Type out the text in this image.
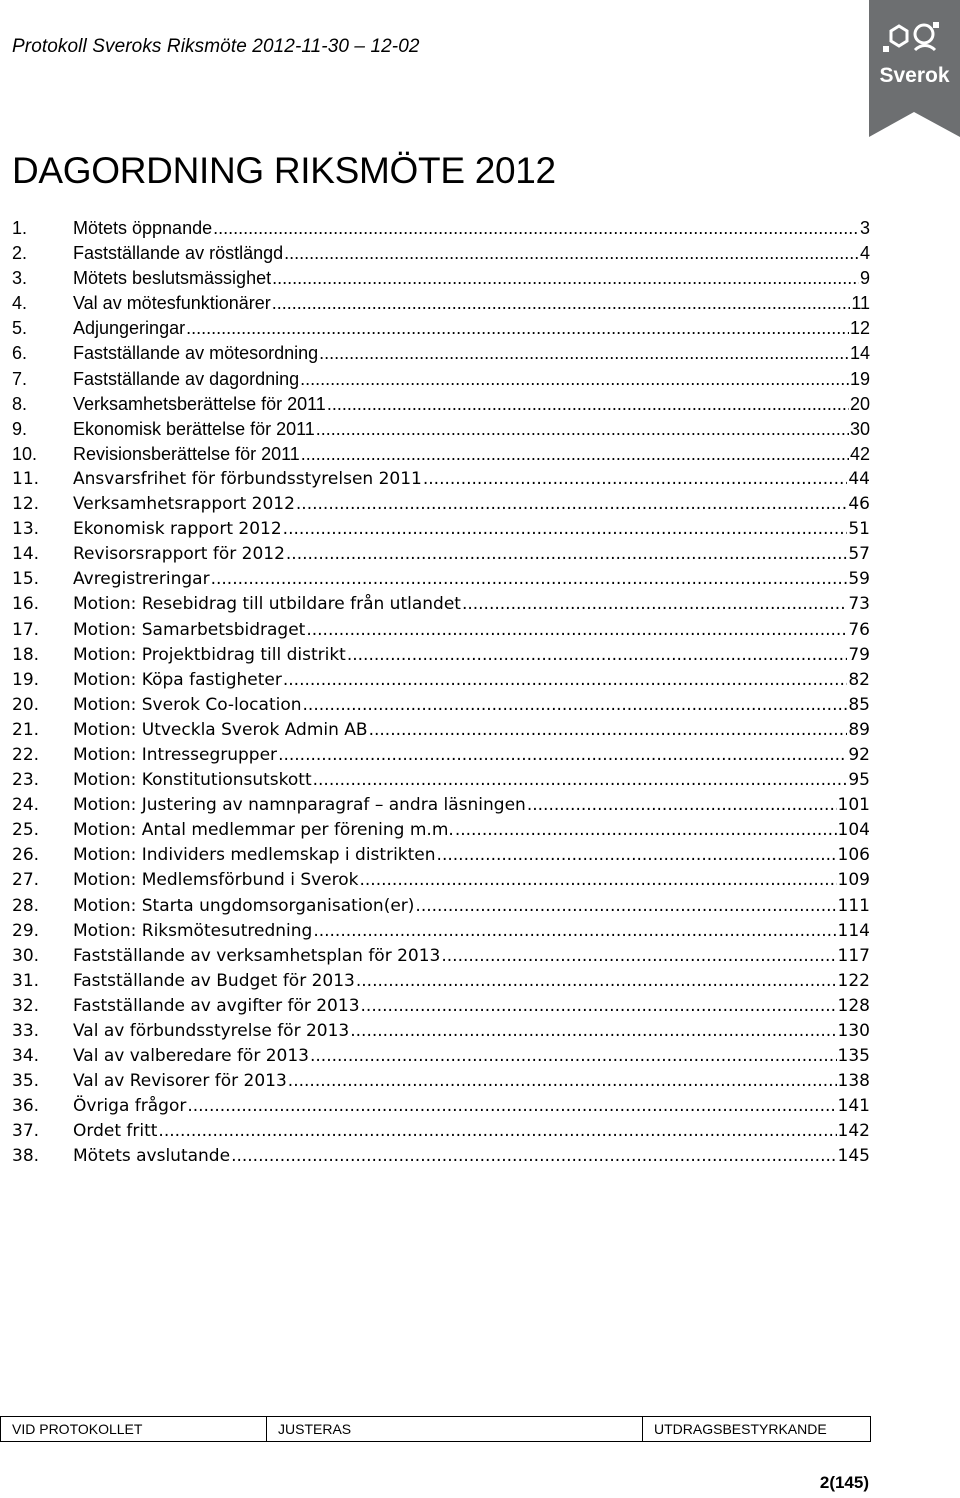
Protokoll Sveroks Riksmöte 2012-11-30 – 12-02
Sverok
DAGORDNING RIKSMÖTE 2012
1.	Mötets öppnande .....	3
2.	Fastställande av röstlängd .....	4
3.	Mötets beslutsmässighet .....	9
4.	Val av mötesfunktionärer .....	11
5.	Adjungeringar .....	12
6.	Fastställande av mötesordning .....	14
7.	Fastställande av dagordning .....	19
8.	Verksamhetsberättelse för 2011 .....	20
9.	Ekonomisk berättelse för 2011 .....	30
10.	Revisionsberättelse för 2011 .....	42
11.	Ansvarsfrihet för förbundsstyrelsen 2011 .....	44
12.	Verksamhetsrapport 2012 .....	46
13.	Ekonomisk rapport 2012 .....	51
14.	Revisorsrapport för 2012 .....	57
15.	Avregistreringar .....	59
16.	Motion: Resebidrag till utbildare från utlandet .....	73
17.	Motion: Samarbetsbidraget .....	76
18.	Motion: Projektbidrag till distrikt .....	79
19.	Motion: Köpa fastigheter .....	82
20.	Motion: Sverok Co-location .....	85
21.	Motion: Utveckla Sverok Admin AB .....	89
22.	Motion: Intressegrupper .....	92
23.	Motion: Konstitutionsutskott .....	95
24.	Motion: Justering av namnparagraf – andra läsningen .....	101
25.	Motion: Antal medlemmar per förening m.m. .....	104
26.	Motion: Individers medlemskap i distrikten .....	106
27.	Motion: Medlemsförbund i Sverok .....	109
28.	Motion: Starta ungdomsorganisation(er) .....	111
29.	Motion: Riksmötesutredning .....	114
30.	Fastställande av verksamhetsplan för 2013 .....	117
31.	Fastställande av Budget för 2013 .....	122
32.	Fastställande av avgifter för 2013 .....	128
33.	Val av förbundsstyrelse för 2013 .....	130
34.	Val av valberedare för 2013 .....	135
35.	Val av Revisorer för 2013 .....	138
36.	Övriga frågor .....	141
37.	Ordet fritt .....	142
38.	Mötets avslutande .....	145
VID PROTOKOLLET	JUSTERAS	UTDRAGSBESTYRKANDE
2(145)
